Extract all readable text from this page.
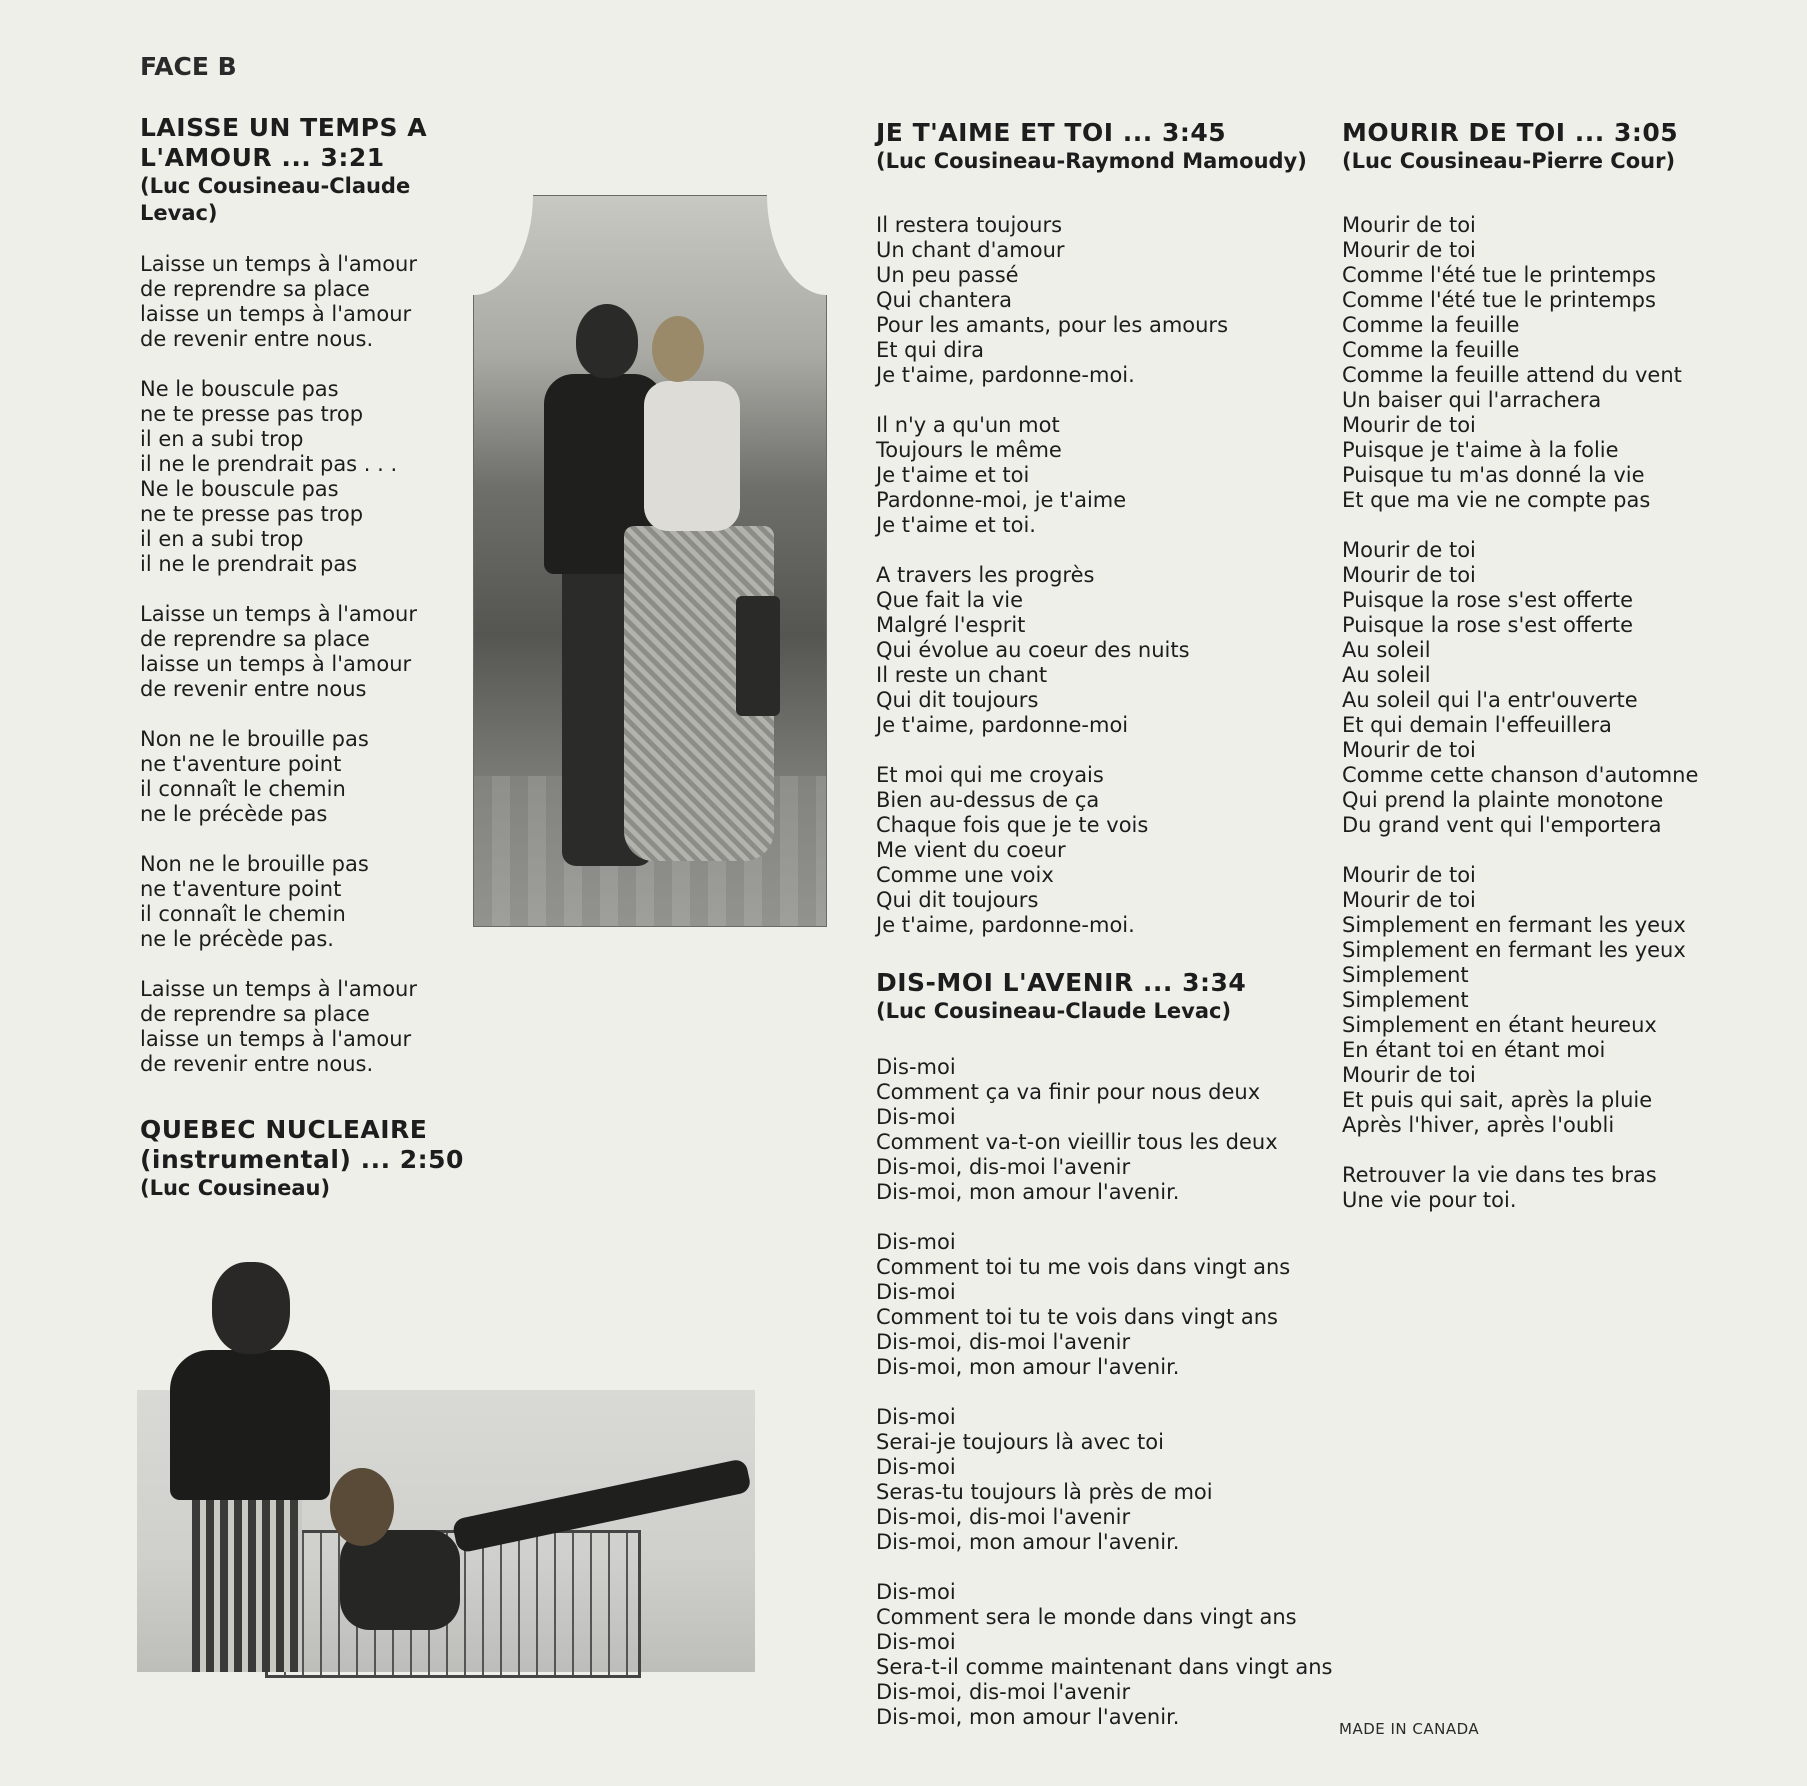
FACE B

LAISSE UN TEMPS A
L'AMOUR ... 3:21

(Luc Cousineau-Claude Levac)

Laisse un temps à l'amour
de reprendre sa place
laisse un temps à l'amour
de revenir entre nous.

Ne le bouscule pas
ne te presse pas trop
il en a subi trop
il ne le prendrait pas . . .
Ne le bouscule pas
ne te presse pas trop
il en a subi trop
il ne le prendrait pas

Laisse un temps à l'amour
de reprendre sa place
laisse un temps à l'amour
de revenir entre nous

Non ne le brouille pas
ne t'aventure point
il connaît le chemin
ne le précède pas

Non ne le brouille pas
ne t'aventure point
il connaît le chemin
ne le précède pas.

Laisse un temps à l'amour
de reprendre sa place
laisse un temps à l'amour
de revenir entre nous.

QUEBEC NUCLEAIRE
(instrumental) ... 2:50

(Luc Cousineau)

JE T'AIME ET TOI ... 3:45

(Luc Cousineau-Raymond Mamoudy)

Il restera toujours
Un chant d'amour
Un peu passé
Qui chantera
Pour les amants, pour les amours
Et qui dira
Je t'aime, pardonne-moi.

Il n'y a qu'un mot
Toujours le même
Je t'aime et toi
Pardonne-moi, je t'aime
Je t'aime et toi.

A travers les progrès
Que fait la vie
Malgré l'esprit
Qui évolue au coeur des nuits
Il reste un chant
Qui dit toujours
Je t'aime, pardonne-moi

Et moi qui me croyais
Bien au-dessus de ça
Chaque fois que je te vois
Me vient du coeur
Comme une voix
Qui dit toujours
Je t'aime, pardonne-moi.

DIS-MOI L'AVENIR ... 3:34

(Luc Cousineau-Claude Levac)

Dis-moi
Comment ça va finir pour nous deux
Dis-moi
Comment va-t-on vieillir tous les deux
Dis-moi, dis-moi l'avenir
Dis-moi, mon amour l'avenir.

Dis-moi
Comment toi tu me vois dans vingt ans
Dis-moi
Comment toi tu te vois dans vingt ans
Dis-moi, dis-moi l'avenir
Dis-moi, mon amour l'avenir.

Dis-moi
Serai-je toujours là avec toi
Dis-moi
Seras-tu toujours là près de moi
Dis-moi, dis-moi l'avenir
Dis-moi, mon amour l'avenir.

Dis-moi
Comment sera le monde dans vingt ans
Dis-moi
Sera-t-il comme maintenant dans vingt ans
Dis-moi, dis-moi l'avenir
Dis-moi, mon amour l'avenir.

MOURIR DE TOI ... 3:05

(Luc Cousineau-Pierre Cour)

Mourir de toi
Mourir de toi
Comme l'été tue le printemps
Comme l'été tue le printemps
Comme la feuille
Comme la feuille
Comme la feuille attend du vent
Un baiser qui l'arrachera
Mourir de toi
Puisque je t'aime à la folie
Puisque tu m'as donné la vie
Et que ma vie ne compte pas

Mourir de toi
Mourir de toi
Puisque la rose s'est offerte
Puisque la rose s'est offerte
Au soleil
Au soleil
Au soleil qui l'a entr'ouverte
Et qui demain l'effeuillera
Mourir de toi
Comme cette chanson d'automne
Qui prend la plainte monotone
Du grand vent qui l'emportera

Mourir de toi
Mourir de toi
Simplement en fermant les yeux
Simplement en fermant les yeux
Simplement
Simplement
Simplement en étant heureux
En étant toi en étant moi
Mourir de toi
Et puis qui sait, après la pluie
Après l'hiver, après l'oubli

Retrouver la vie dans tes bras
Une vie pour toi.

MADE IN CANADA
